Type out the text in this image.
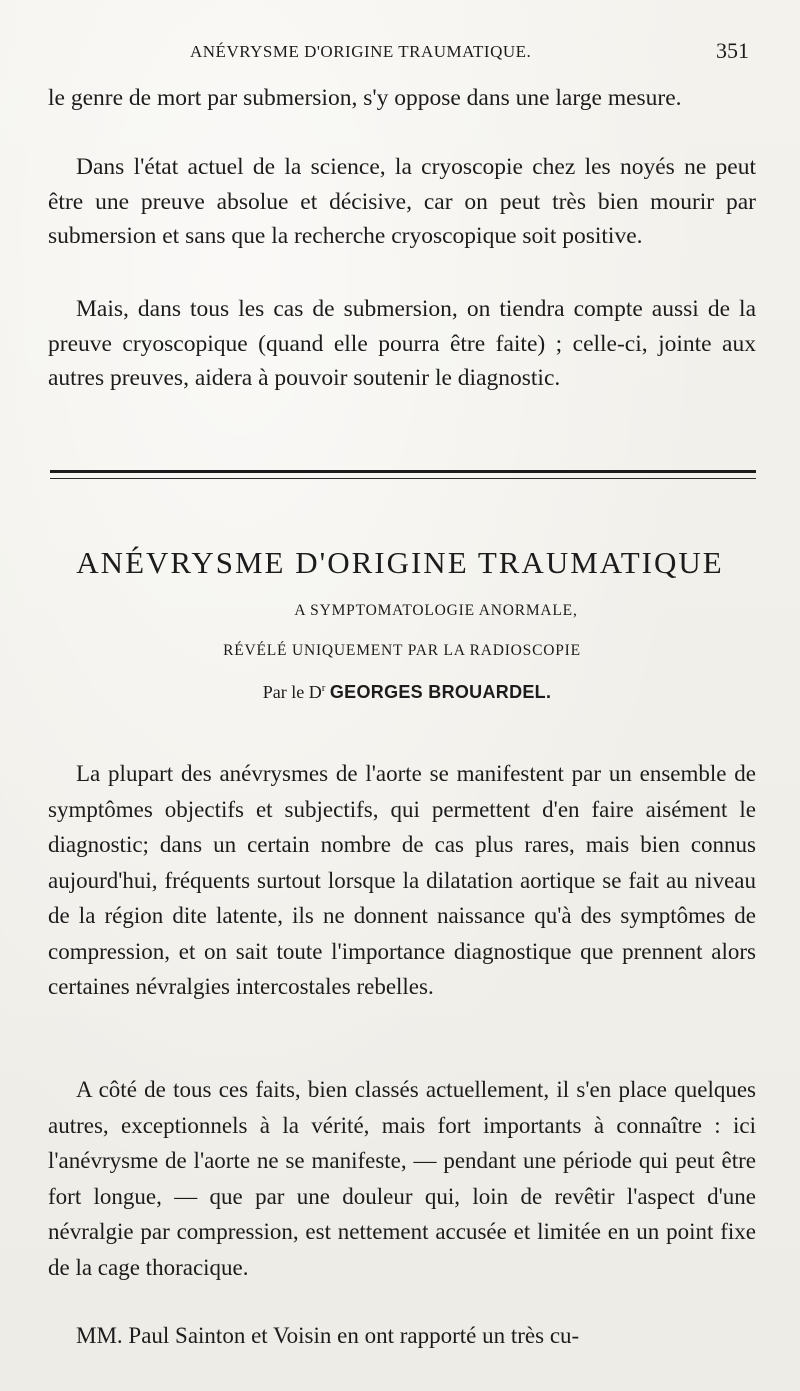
ANÉVRYSME D'ORIGINE TRAUMATIQUE.	351

le genre de mort par submersion, s'y oppose dans une large mesure.

Dans l'état actuel de la science, la cryoscopie chez les noyés ne peut être une preuve absolue et décisive, car on peut très bien mourir par submersion et sans que la recherche cryoscopique soit positive.

Mais, dans tous les cas de submersion, on tiendra compte aussi de la preuve cryoscopique (quand elle pourra être faite) ; celle-ci, jointe aux autres preuves, aidera à pouvoir soutenir le diagnostic.

ANÉVRYSME D'ORIGINE TRAUMATIQUE
A SYMPTOMATOLOGIE ANORMALE,
RÉVÉLÉ UNIQUEMENT PAR LA RADIOSCOPIE
Par le $D^r$ GEORGES BROUARDEL.

La plupart des anévrysmes de l'aorte se manifestent par un ensemble de symptômes objectifs et subjectifs, qui permettent d'en faire aisément le diagnostic; dans un certain nombre de cas plus rares, mais bien connus aujourd'hui, fréquents surtout lorsque la dilatation aortique se fait au niveau de la région dite latente, ils ne donnent naissance qu'à des symptômes de compression, et on sait toute l'importance diagnostique que prennent alors certaines névralgies intercostales rebelles.

A côté de tous ces faits, bien classés actuellement, il s'en place quelques autres, exceptionnels à la vérité, mais fort importants à connaître : ici l'anévrysme de l'aorte ne se manifeste, — pendant une période qui peut être fort longue, — que par une douleur qui, loin de revêtir l'aspect d'une névralgie par compression, est nettement accusée et limitée en un point fixe de la cage thoracique.

MM. Paul Sainton et Voisin en ont rapporté un très cu-
